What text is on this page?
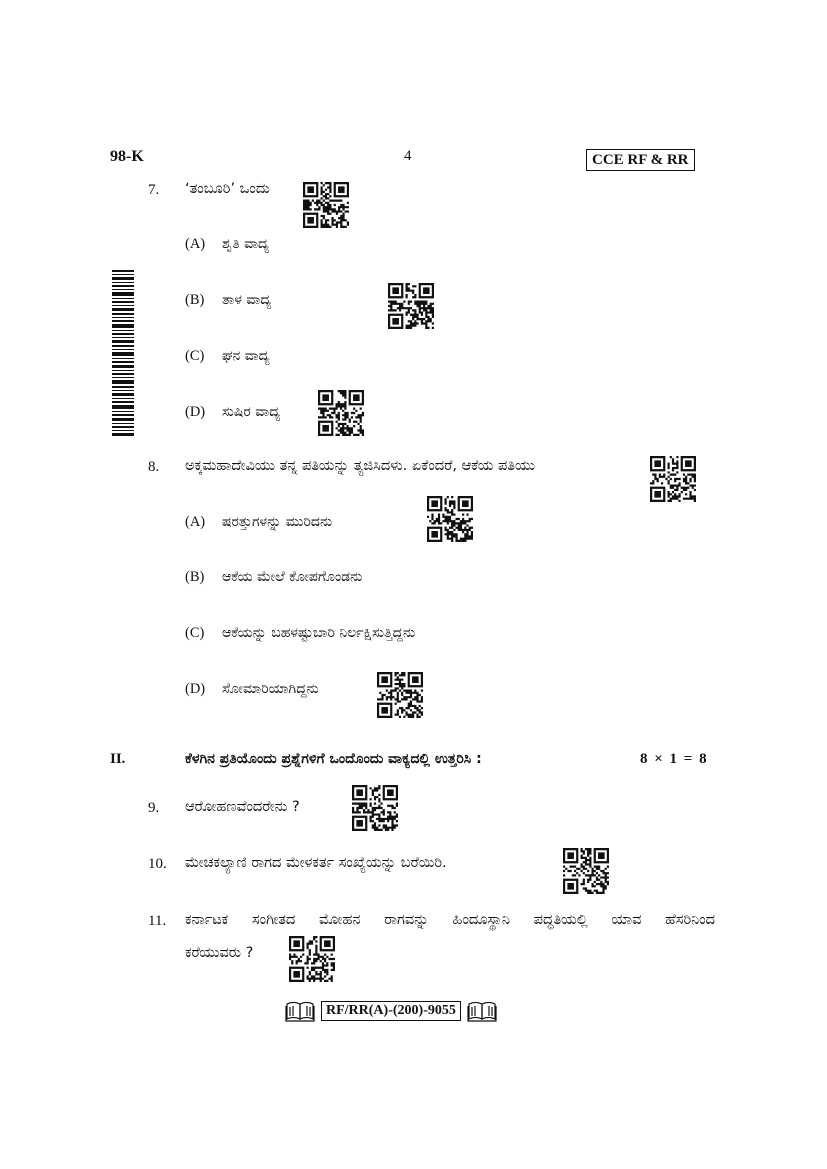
98-K	4	CCE RF & RR
7. ‘ತಂಬೂರಿ’ ಒಂದು
(A) ಶೃತಿ ವಾದ್ಯ
(B) ತಾಳ ವಾದ್ಯ
(C) ಘನ ವಾದ್ಯ
(D) ಸುಷಿರ ವಾದ್ಯ
8. ಅಕ್ಕಮಹಾದೇವಿಯು ತನ್ನ ಪತಿಯನ್ನು ತ್ಯಜಿಸಿದಳು. ಏಕೆಂದರೆ, ಆಕೆಯ ಪತಿಯು
(A) ಷರತ್ತುಗಳನ್ನು ಮುರಿದನು
(B) ಆಕೆಯ ಮೇಲೆ ಕೋಪಗೊಂಡನು
(C) ಆಕೆಯನ್ನು ಬಹಳಷ್ಟುಬಾರಿ ನಿರ್ಲಕ್ಷಿಸುತ್ತಿದ್ದನು
(D) ಸೋಮಾರಿಯಾಗಿದ್ದನು
II.	ಕೆಳಗಿನ ಪ್ರತಿಯೊಂದು ಪ್ರಶ್ನೆಗಳಿಗೆ ಒಂದೊಂದು ವಾಕ್ಯದಲ್ಲಿ ಉತ್ತರಿಸಿ :	8 × 1 = 8
9. ಆರೋಹಣವೆಂದರೇನು ?
10. ಮೇಚಕಲ್ಯಾಣಿ ರಾಗದ ಮೇಳಕರ್ತ ಸಂಖ್ಯೆಯನ್ನು ಬರೆಯಿರಿ.
11. ಕರ್ನಾಟಕ ಸಂಗೀತದ ಮೋಹನ ರಾಗವನ್ನು ಹಿಂದೂಸ್ಥಾನಿ ಪದ್ಧತಿಯಲ್ಲಿ ಯಾವ ಹೆಸರಿನಿಂದ
ಕರೆಯುವರು ?
RF/RR(A)-(200)-9055
